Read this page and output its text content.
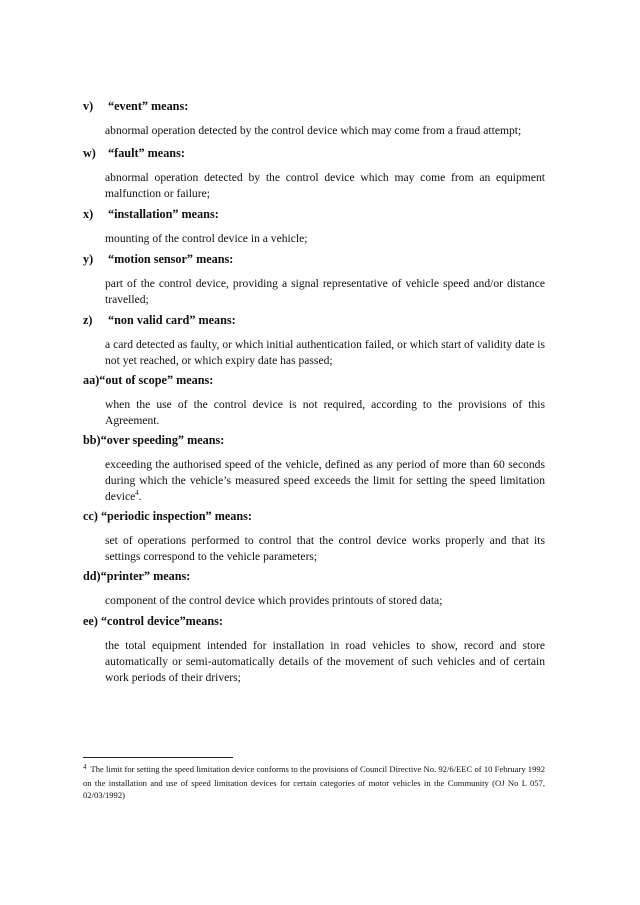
v) “event” means:
abnormal operation detected by the control device which may come from a fraud attempt;
w) “fault” means:
abnormal operation detected by the control device which may come from an equipment malfunction or failure;
x) “installation” means:
mounting of the control device in a vehicle;
y) “motion sensor” means:
part of the control device, providing a signal representative of vehicle speed and/or distance travelled;
z) “non valid card” means:
a card detected as faulty, or which initial authentication failed, or which start of validity date is not yet reached, or which expiry date has passed;
aa)“out of scope” means:
when the use of the control device is not required, according to the provisions of this Agreement.
bb)“over speeding” means:
exceeding the authorised speed of the vehicle, defined as any period of more than 60 seconds during which the vehicle’s measured speed exceeds the limit for setting the speed limitation device$^4$.
cc) “periodic inspection” means:
set of operations performed to control that the control device works properly and that its settings correspond to the vehicle parameters;
dd)“printer” means:
component of the control device which provides printouts of stored data;
ee) “control device”means:
the total equipment intended for installation in road vehicles to show, record and store automatically or semi-automatically details of the movement of such vehicles and of certain work periods of their drivers;
$^4$ The limit for setting the speed limitation device conforms to the provisions of Council Directive No. 92/6/EEC of 10 February 1992 on the installation and use of speed limitation devices for certain categories of motor vehicles in the Community (OJ No L 057, 02/03/1992)
